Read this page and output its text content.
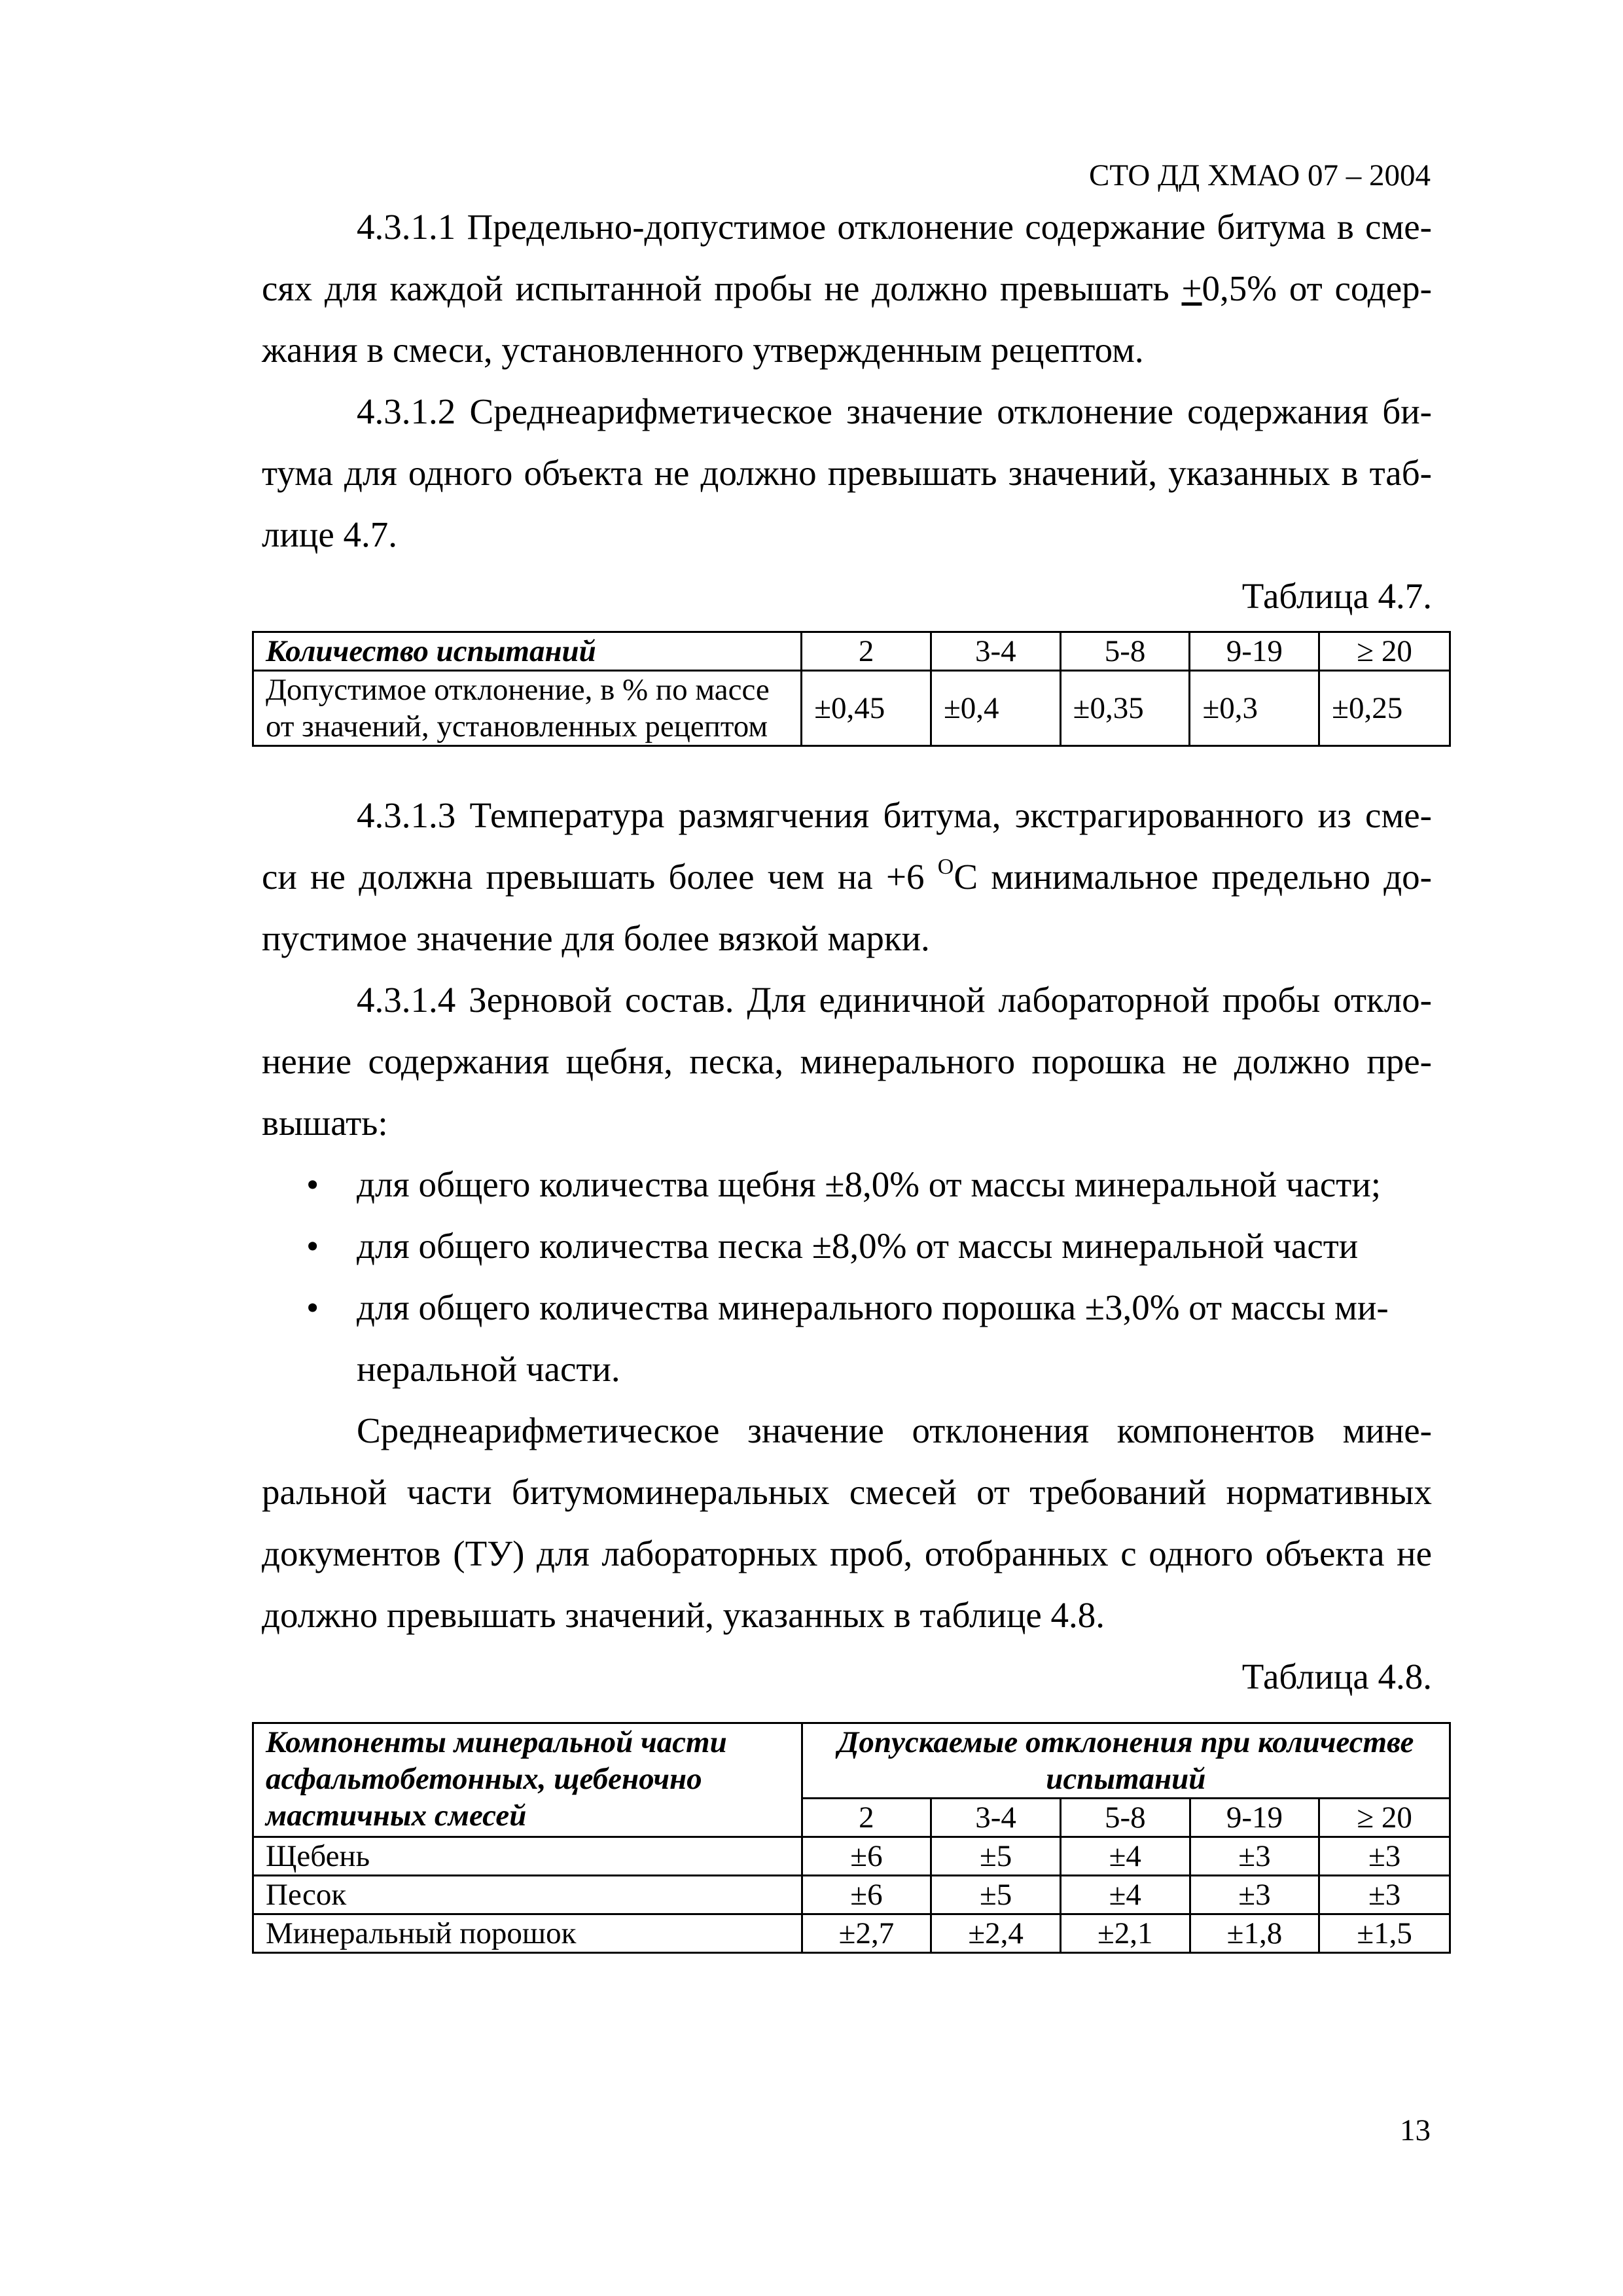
СТО ДД ХМАО 07 – 2004

4.3.1.1 Предельно-допустимое отклонение содержание битума в сме-сях для каждой испытанной пробы не должно превышать +0,5% от содер-жания в смеси, установленного утвержденным рецептом.

4.3.1.2 Среднеарифметическое значение отклонение содержания би-тума для одного объекта не должно превышать значений, указанных в таб-лице 4.7.

Таблица 4.7.

Количество испытаний	2	3-4	5-8	9-19	≥ 20
Допустимое отклонение, в % по массе от значений, установленных рецептом	±0,45	±0,4	±0,35	±0,3	±0,25

4.3.1.3 Температура размягчения битума, экстрагированного из сме-си не должна превышать более чем на +6 $^O$С минимальное предельно до-пустимое значение для более вязкой марки.

4.3.1.4 Зерновой состав. Для единичной лабораторной пробы откло-нение содержания щебня, песка, минерального порошка не должно пре-вышать:

• для общего количества щебня ±8,0% от массы минеральной части;
• для общего количества песка ±8,0% от массы минеральной части
• для общего количества минерального порошка ±3,0% от массы ми-неральной части.

Среднеарифметическое значение отклонения компонентов мине-ральной части битумоминеральных смесей от требований нормативных документов (ТУ) для лабораторных проб, отобранных с одного объекта не должно превышать значений, указанных в таблице 4.8.

Таблица 4.8.

Компоненты минеральной части асфальтобетонных, щебеночно мастичных смесей	Допускаемые отклонения при количестве испытаний				
	2	3-4	5-8	9-19	≥ 20
Щебень	±6	±5	±4	±3	±3
Песок	±6	±5	±4	±3	±3
Минеральный порошок	±2,7	±2,4	±2,1	±1,8	±1,5
13
